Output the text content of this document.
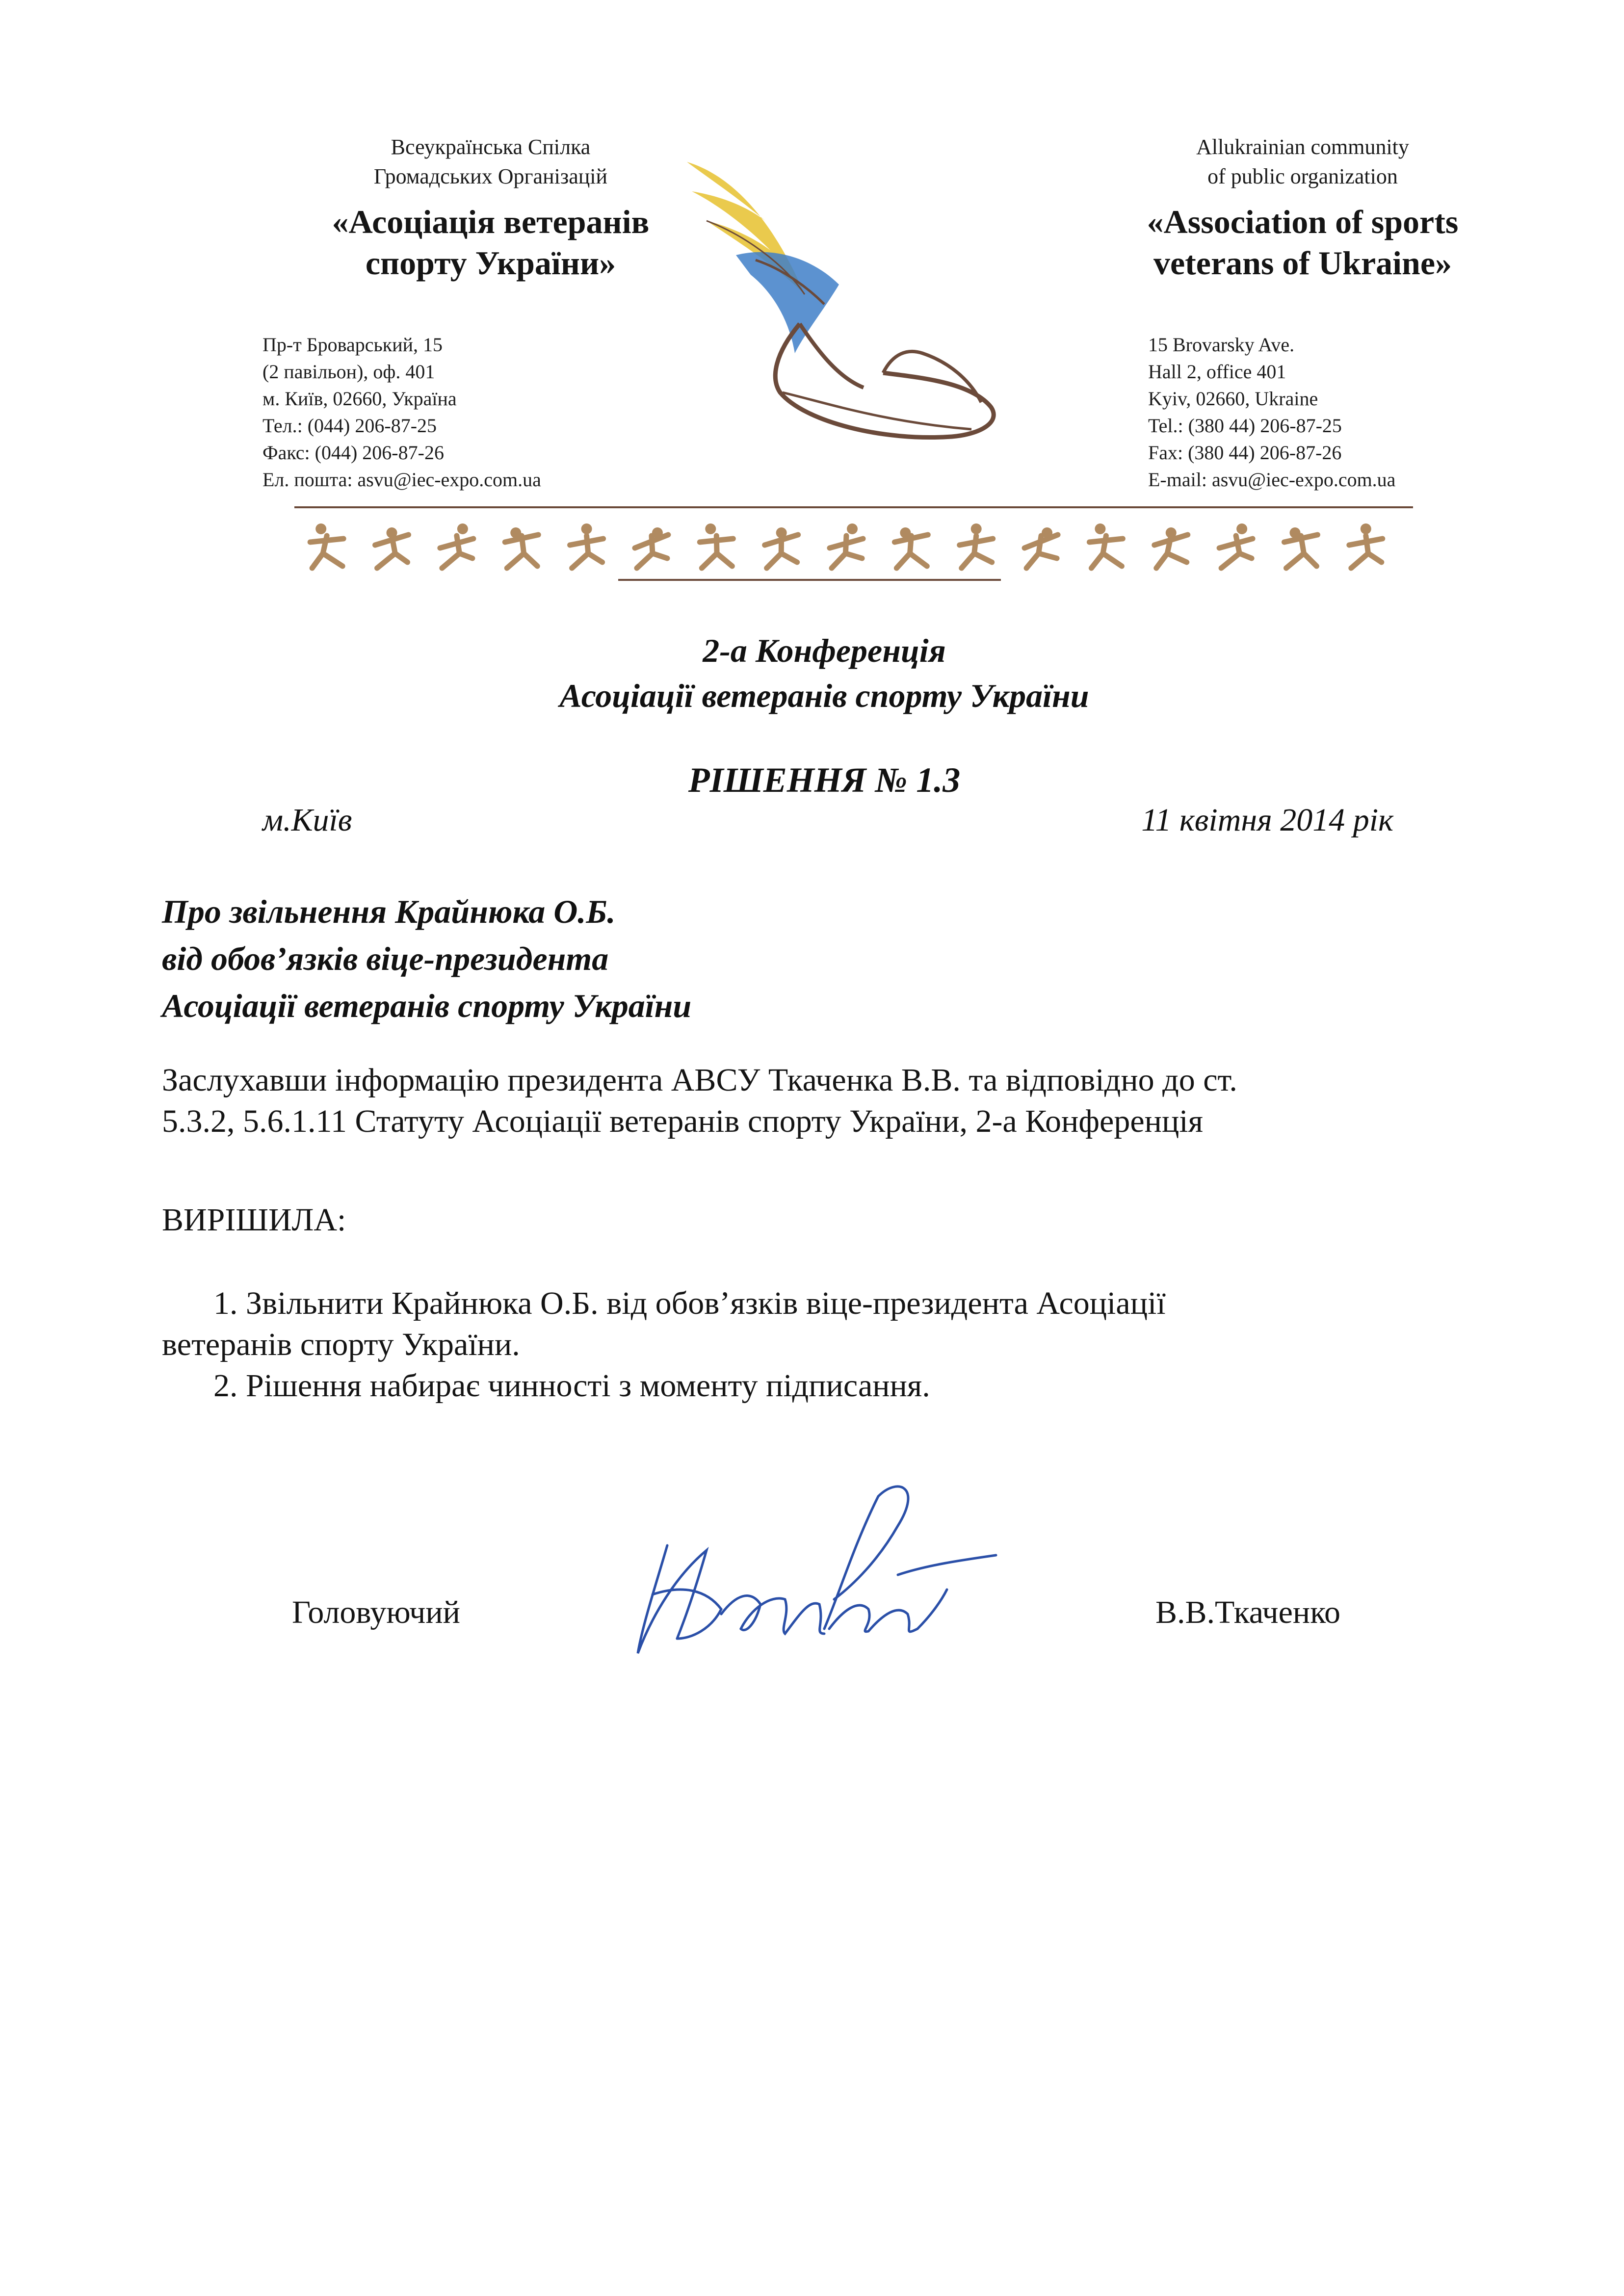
Всеукраїнська Спілка
Громадських Організацій
«Асоціація ветеранів
спорту України»
Пр-т Броварський, 15
(2 павільон), оф. 401
м. Київ, 02660, Україна
Тел.: (044) 206-87-25
Факс: (044) 206-87-26
Ел. пошта: asvu@iec-expo.com.ua
Allukrainian community
of public organization
«Association of sports
veterans of Ukraine»
15 Brovarsky Ave.
Hall 2, office 401
Kyiv, 02660, Ukraine
Tel.: (380 44) 206-87-25
Fax: (380 44) 206-87-26
E-mail: asvu@iec-expo.com.ua
2-а Конференція
Асоціації ветеранів спорту України
РІШЕННЯ № 1.3
м.Київ	11 квітня 2014 рік
Про звільнення Крайнюка О.Б.
від обов’язків віце-президента
Асоціації ветеранів спорту України
Заслухавши інформацію президента АВСУ Ткаченка В.В. та відповідно до ст.
5.3.2, 5.6.1.11 Статуту Асоціації ветеранів спорту України, 2-а Конференція
ВИРІШИЛА:
1. Звільнити Крайнюка О.Б. від обов’язків віце-президента Асоціації
ветеранів спорту України.
2. Рішення набирає чинності з моменту підписання.
Головуючий	В.В.Ткаченко
